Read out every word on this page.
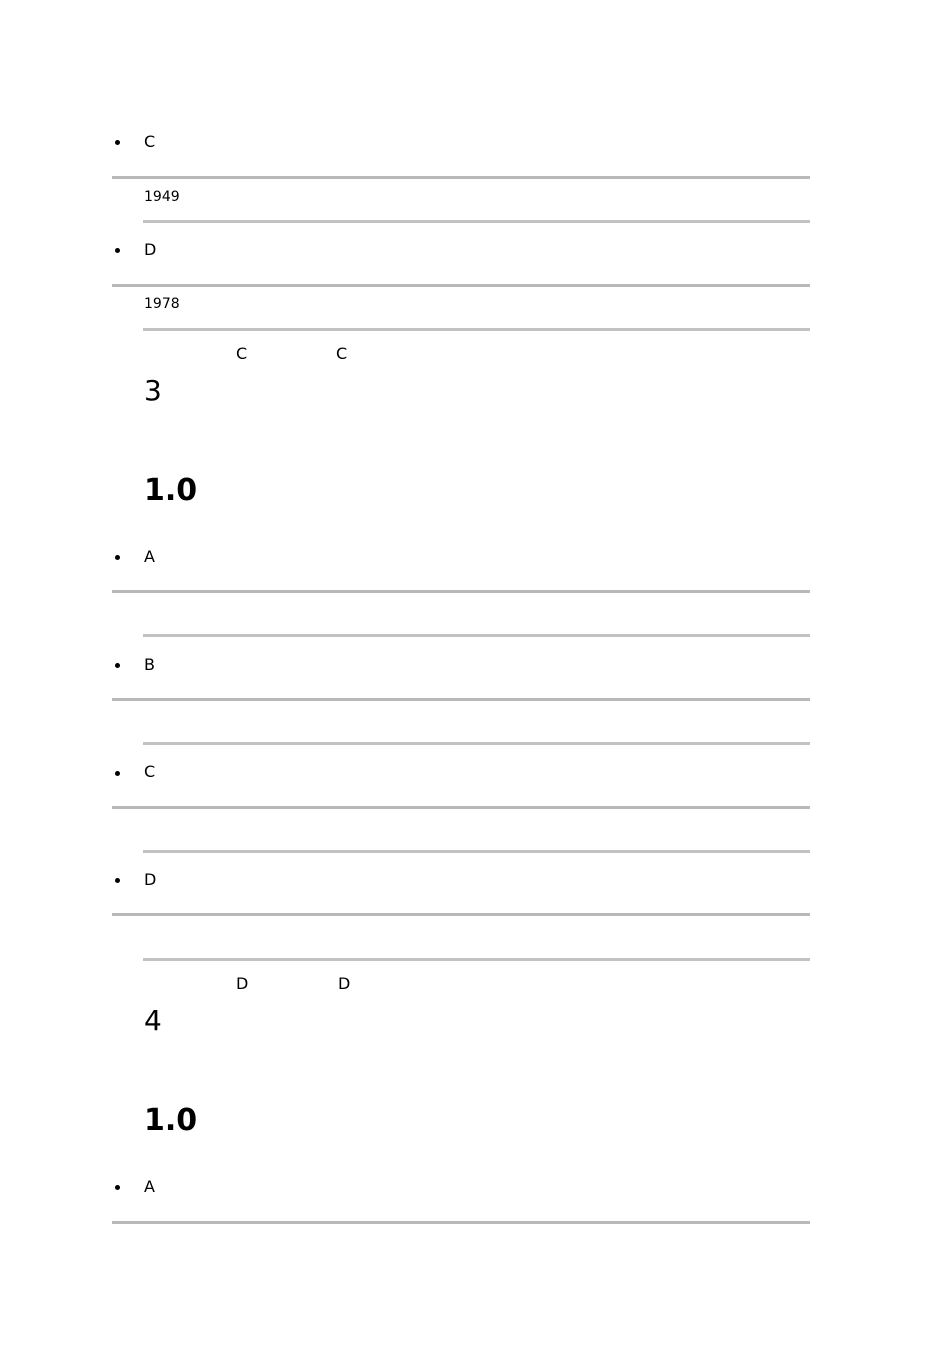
C
1949
D
1978
C	C
3
1.0
A
B
C
D
D	D
4
1.0
A
